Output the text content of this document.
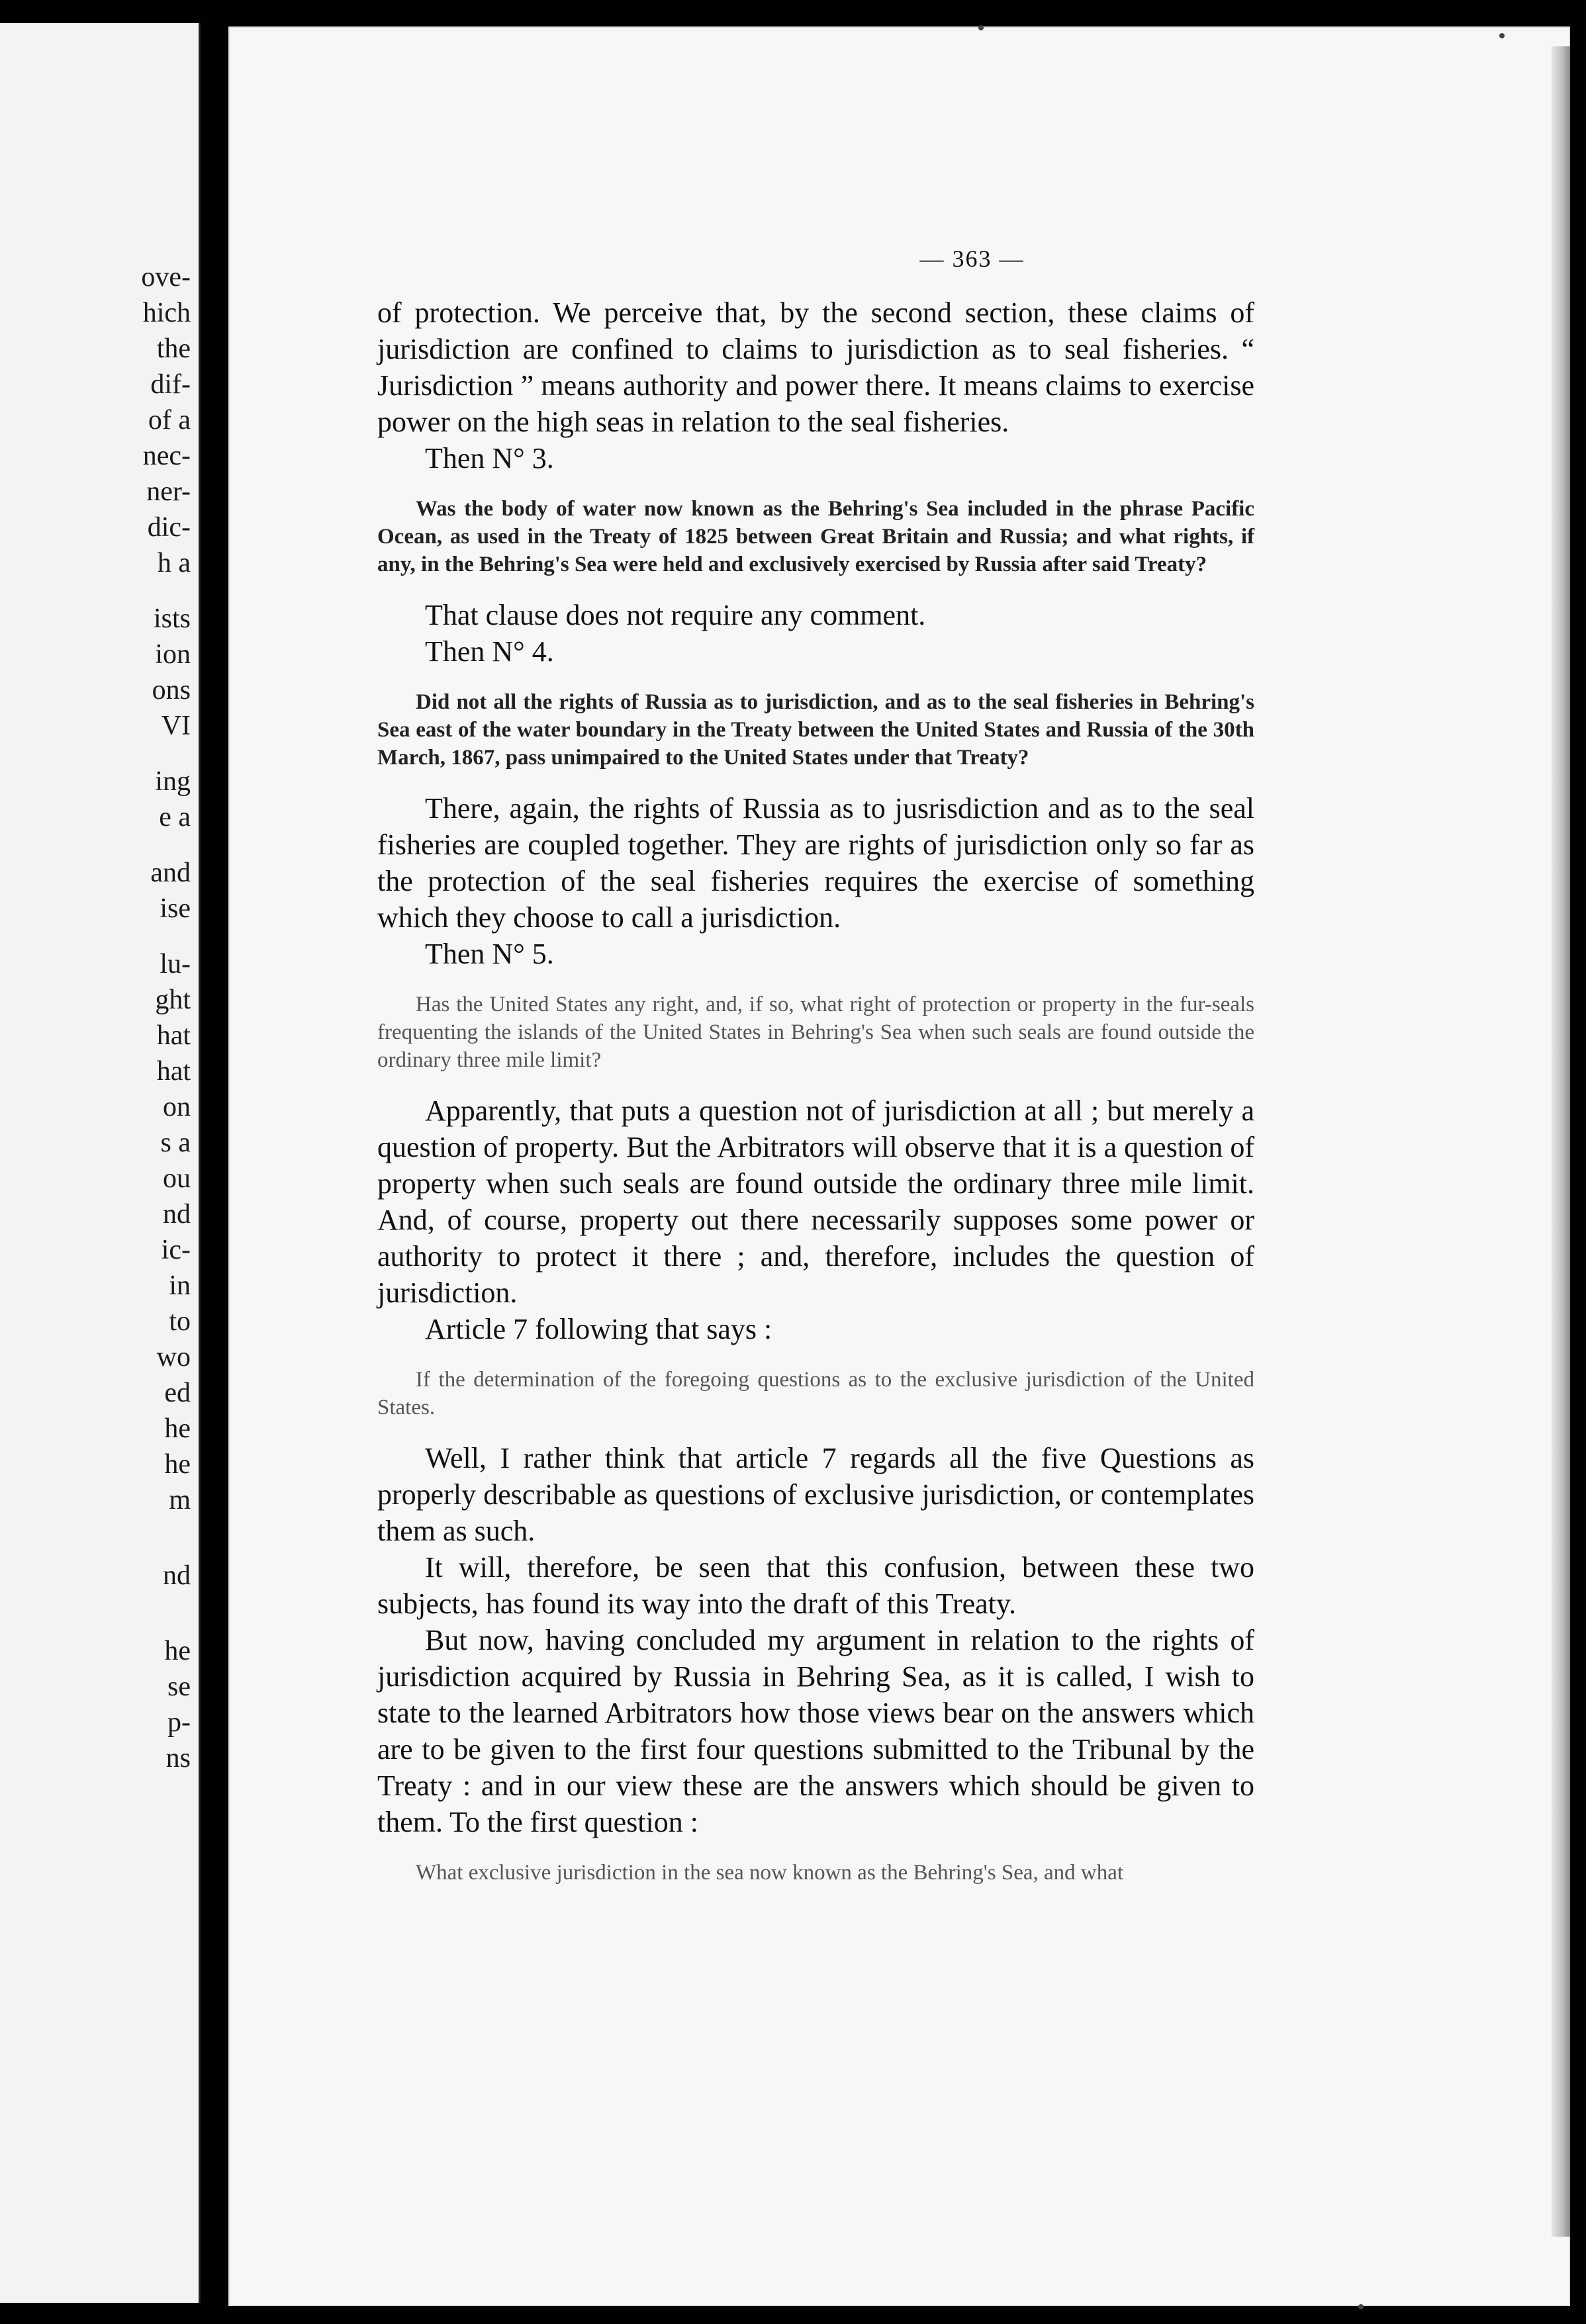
ove-
hich
the
dif-
of a
nec-
ner-
dic-
h a
ists
ion
ons
VI
ing
e a
and
ise
lu-
ght
hat
hat
on
s a
ou
nd
ic-
in
to
wo
ed
he
he
m
nd
he
se
p-
ns
— 363 —

of protection. We perceive that, by the second section, these claims of jurisdiction are confined to claims to jurisdiction as to seal fisheries. “ Jurisdiction ” means authority and power there. It means claims to exercise power on the high seas in relation to the seal fisheries.

Then N° 3.

Was the body of water now known as the Behring's Sea included in the phrase Pacific Ocean, as used in the Treaty of 1825 between Great Britain and Russia; and what rights, if any, in the Behring's Sea were held and exclusively exercised by Russia after said Treaty?

That clause does not require any comment.

Then N° 4.

Did not all the rights of Russia as to jurisdiction, and as to the seal fisheries in Behring's Sea east of the water boundary in the Treaty between the United States and Russia of the 30th March, 1867, pass unimpaired to the United States under that Treaty?

There, again, the rights of Russia as to jusrisdiction and as to the seal fisheries are coupled together. They are rights of jurisdiction only so far as the protection of the seal fisheries requires the exercise of something which they choose to call a jurisdiction.

Then N° 5.

Has the United States any right, and, if so, what right of protection or property in the fur-seals frequenting the islands of the United States in Behring's Sea when such seals are found outside the ordinary three mile limit?

Apparently, that puts a question not of jurisdiction at all ; but merely a question of property. But the Arbitrators will observe that it is a question of property when such seals are found outside the ordinary three mile limit. And, of course, property out there necessarily supposes some power or authority to protect it there ; and, therefore, includes the question of jurisdiction.

Article 7 following that says :

If the determination of the foregoing questions as to the exclusive jurisdiction of the United States.

Well, I rather think that article 7 regards all the five Questions as properly describable as questions of exclusive jurisdiction, or contemplates them as such.

It will, therefore, be seen that this confusion, between these two subjects, has found its way into the draft of this Treaty.

But now, having concluded my argument in relation to the rights of jurisdiction acquired by Russia in Behring Sea, as it is called, I wish to state to the learned Arbitrators how those views bear on the answers which are to be given to the first four questions submitted to the Tribunal by the Treaty : and in our view these are the answers which should be given to them. To the first question :

What exclusive jurisdiction in the sea now known as the Behring's Sea, and what
